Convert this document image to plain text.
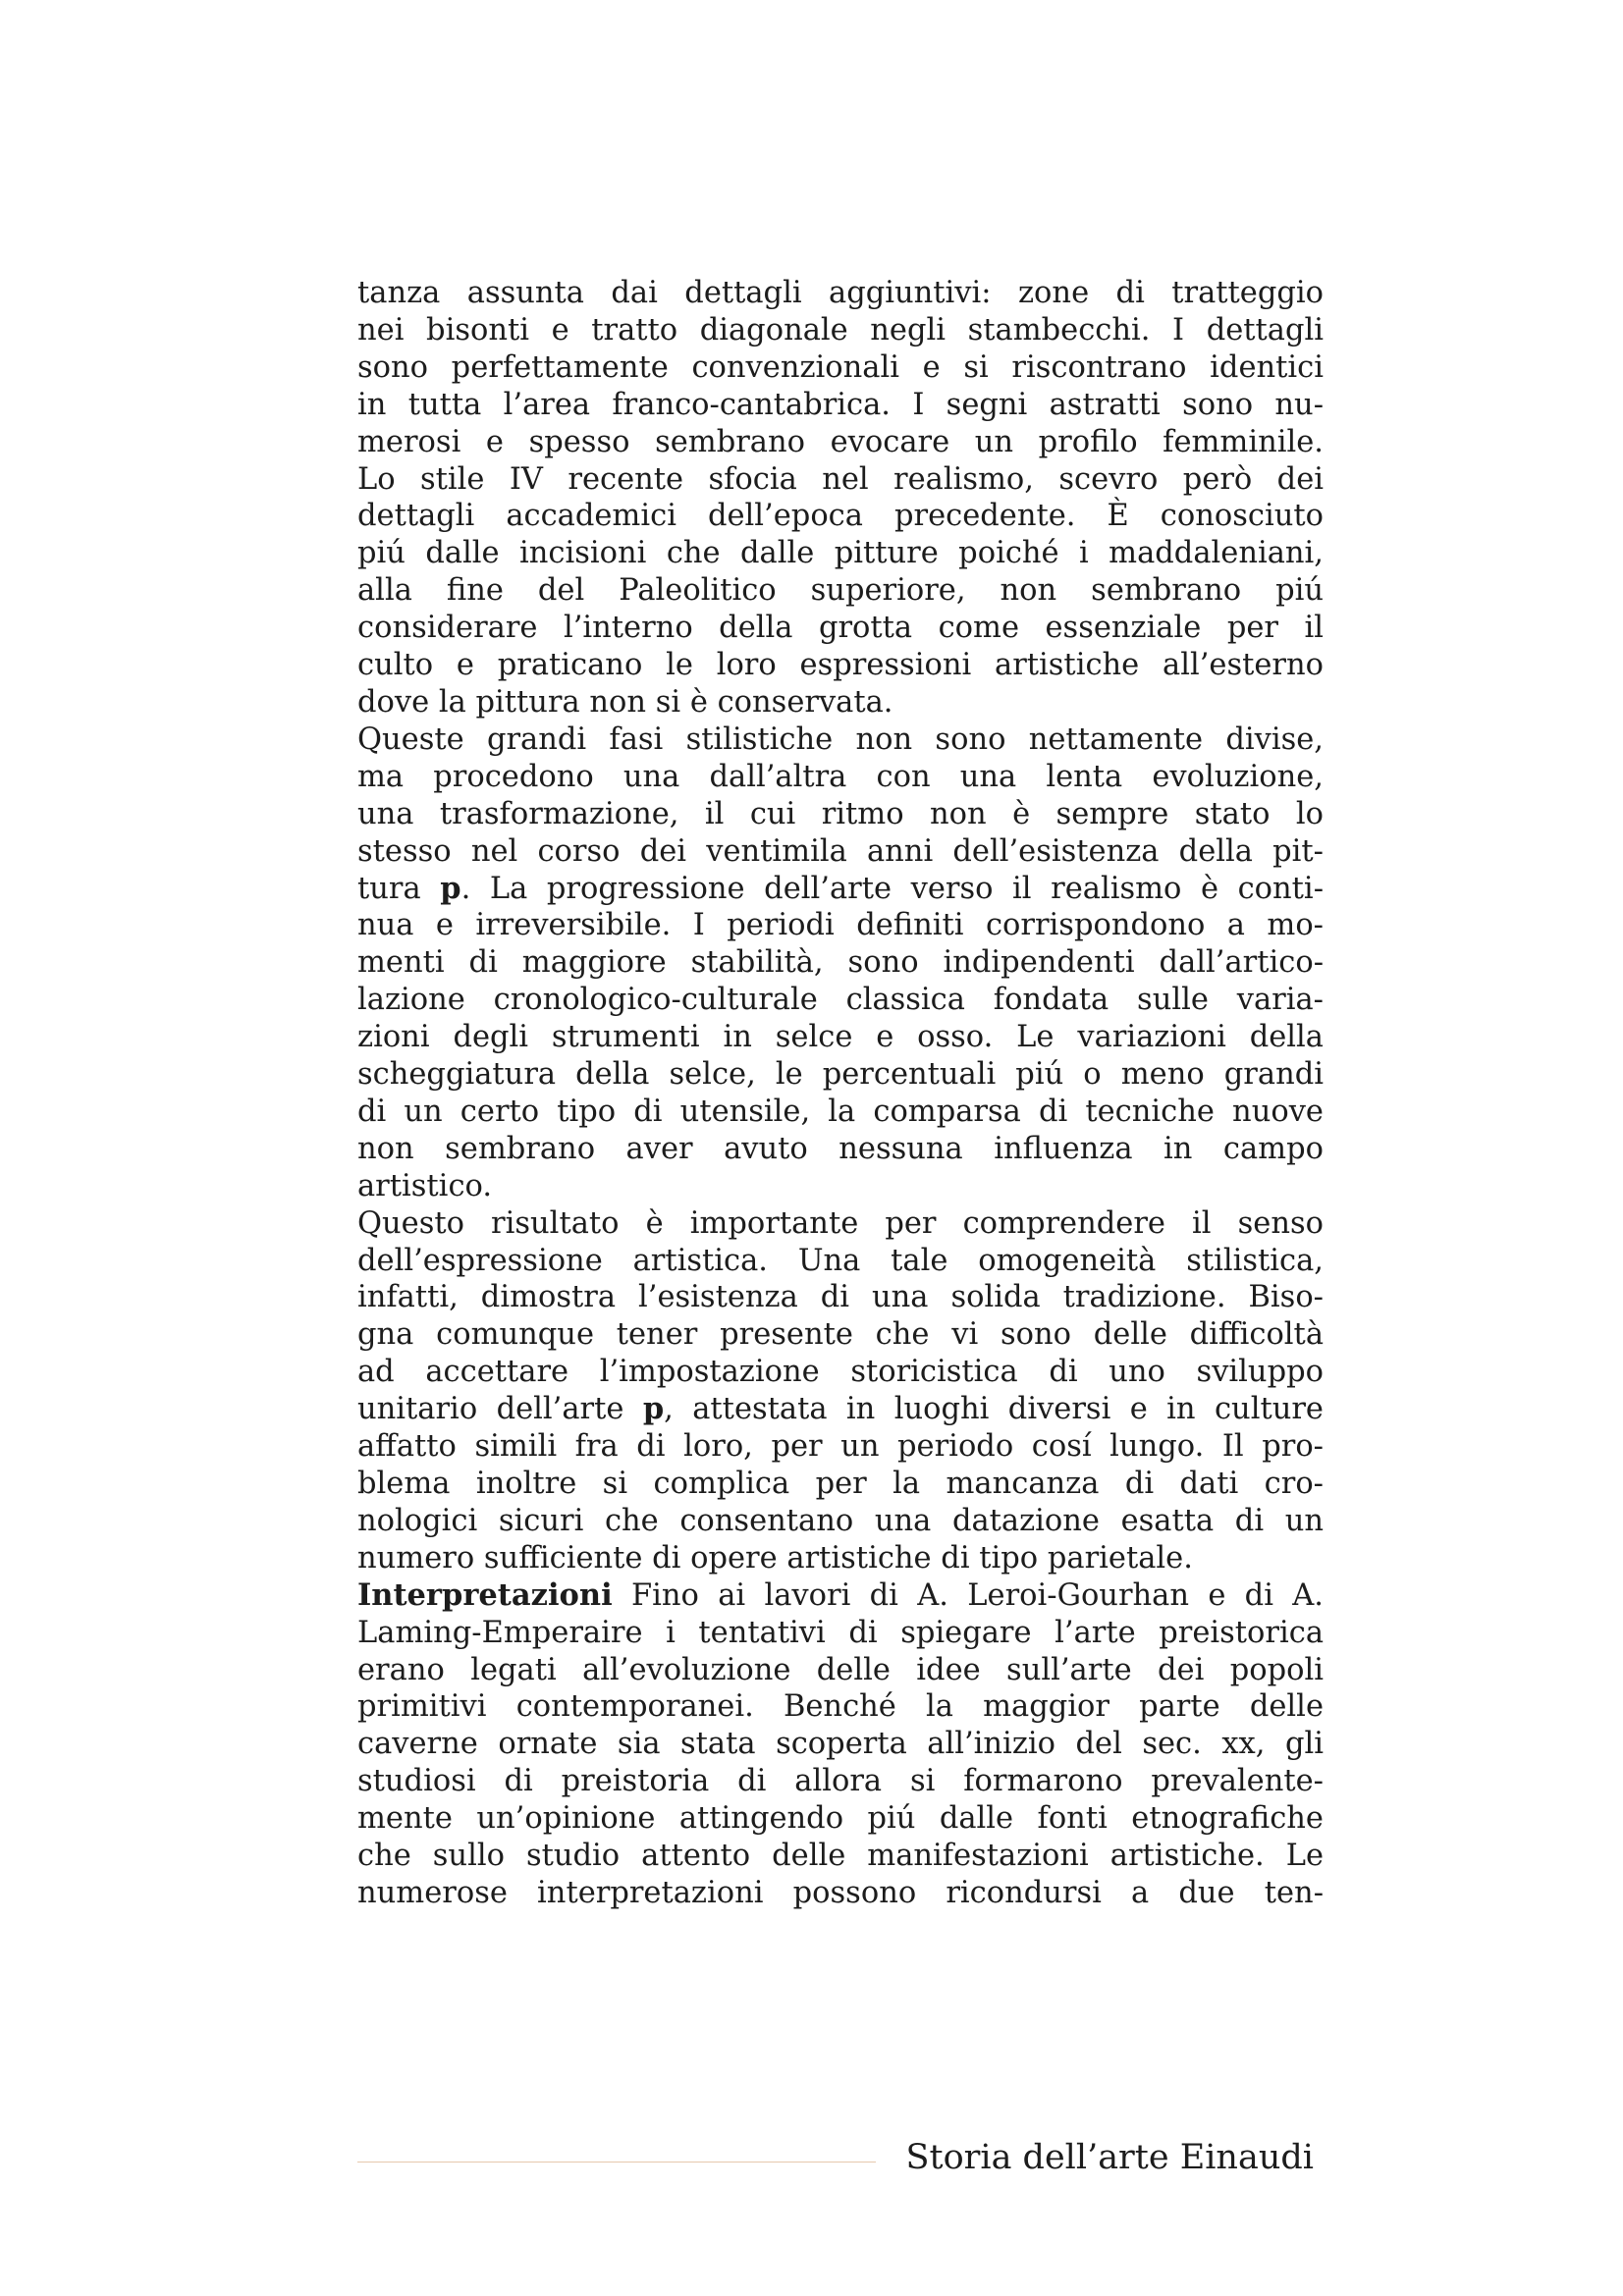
tanza assunta dai dettagli aggiuntivi: zone di tratteggio
nei bisonti e tratto diagonale negli stambecchi. I dettagli
sono perfettamente convenzionali e si riscontrano identici
in tutta l’area franco-cantabrica. I segni astratti sono nu-
merosi e spesso sembrano evocare un profilo femminile.
Lo stile IV recente sfocia nel realismo, scevro però dei
dettagli accademici dell’epoca precedente. È conosciuto
piú dalle incisioni che dalle pitture poiché i maddaleniani,
alla fine del Paleolitico superiore, non sembrano piú
considerare l’interno della grotta come essenziale per il
culto e praticano le loro espressioni artistiche all’esterno
dove la pittura non si è conservata.
Queste grandi fasi stilistiche non sono nettamente divise,
ma procedono una dall’altra con una lenta evoluzione,
una trasformazione, il cui ritmo non è sempre stato lo
stesso nel corso dei ventimila anni dell’esistenza della pit-
tura p. La progressione dell’arte verso il realismo è conti-
nua e irreversibile. I periodi definiti corrispondono a mo-
menti di maggiore stabilità, sono indipendenti dall’artico-
lazione cronologico-culturale classica fondata sulle varia-
zioni degli strumenti in selce e osso. Le variazioni della
scheggiatura della selce, le percentuali piú o meno grandi
di un certo tipo di utensile, la comparsa di tecniche nuove
non sembrano aver avuto nessuna influenza in campo
artistico.
Questo risultato è importante per comprendere il senso
dell’espressione artistica. Una tale omogeneità stilistica,
infatti, dimostra l’esistenza di una solida tradizione. Biso-
gna comunque tener presente che vi sono delle difficoltà
ad accettare l’impostazione storicistica di uno sviluppo
unitario dell’arte p, attestata in luoghi diversi e in culture
affatto simili fra di loro, per un periodo cosí lungo. Il pro-
blema inoltre si complica per la mancanza di dati cro-
nologici sicuri che consentano una datazione esatta di un
numero sufficiente di opere artistiche di tipo parietale.
Interpretazioni Fino ai lavori di A. Leroi-Gourhan e di A.
Laming-Emperaire i tentativi di spiegare l’arte preistorica
erano legati all’evoluzione delle idee sull’arte dei popoli
primitivi contemporanei. Benché la maggior parte delle
caverne ornate sia stata scoperta all’inizio del sec. xx, gli
studiosi di preistoria di allora si formarono prevalente-
mente un’opinione attingendo piú dalle fonti etnografiche
che sullo studio attento delle manifestazioni artistiche. Le
numerose interpretazioni possono ricondursi a due ten-
Storia dell’arte Einaudi
